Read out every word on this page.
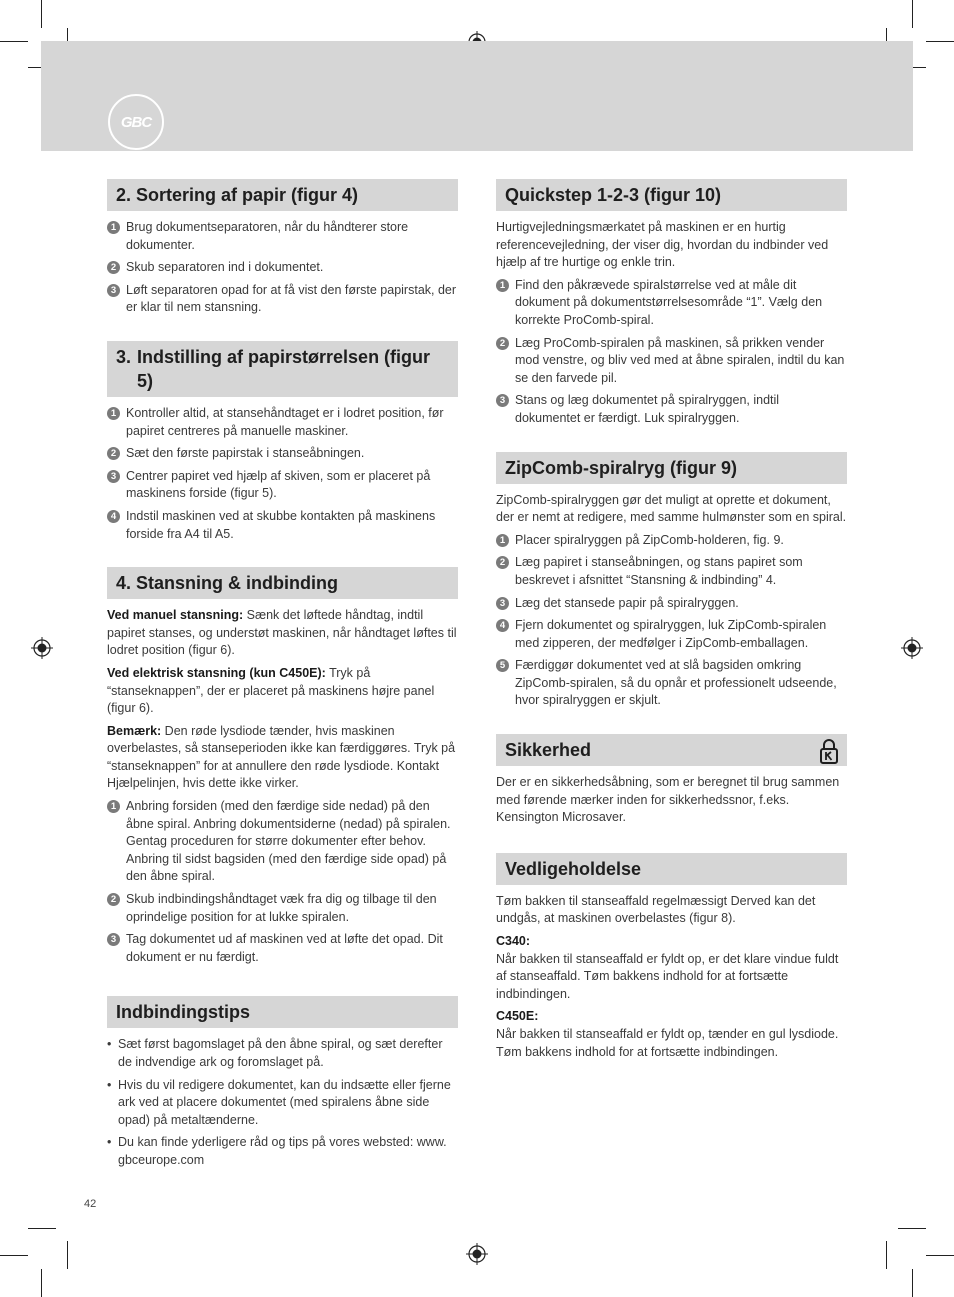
GBC
2. Sortering af papir (figur 4)
1 Brug dokumentseparatoren, når du håndterer store dokumenter.
2 Skub separatoren ind i dokumentet.
3 Løft separatoren opad for at få vist den første papirstak, der er klar til nem stansning.
3. Indstilling af papirstørrelsen (figur 5)
1 Kontroller altid, at stansehåndtaget er i lodret position, før papiret centreres på manuelle maskiner.
2 Sæt den første papirstak i stanseåbningen.
3 Centrer papiret ved hjælp af skiven, som er placeret på maskinens forside (figur 5).
4 Indstil maskinen ved at skubbe kontakten på maskinens forside fra A4 til A5.
4. Stansning & indbinding

Ved manuel stansning: Sænk det løftede håndtag, indtil papiret stanses, og understøt maskinen, når håndtaget løftes til lodret position (figur 6).

Ved elektrisk stansning (kun C450E): Tryk på “stanseknappen”, der er placeret på maskinens højre panel (figur 6).

Bemærk: Den røde lysdiode tænder, hvis maskinen overbelastes, så stanseperioden ikke kan færdiggøres. Tryk på “stanseknappen” for at annullere den røde lysdiode. Kontakt Hjælpelinjen, hvis dette ikke virker.

1 Anbring forsiden (med den færdige side nedad) på den åbne spiral. Anbring dokumentsiderne (nedad) på spiralen. Gentag proceduren for større dokumenter efter behov. Anbring til sidst bagsiden (med den færdige side opad) på den åbne spiral.
2 Skub indbindingshåndtaget væk fra dig og tilbage til den oprindelige position for at lukke spiralen.
3 Tag dokumentet ud af maskinen ved at løfte det opad. Dit dokument er nu færdigt.
Indbindingstips
• Sæt først bagomslaget på den åbne spiral, og sæt derefter de indvendige ark og foromslaget på.
• Hvis du vil redigere dokumentet, kan du indsætte eller fjerne ark ved at placere dokumentet (med spiralens åbne side opad) på metaltænderne.
• Du kan finde yderligere råd og tips på vores websted: www. gbceurope.com
Quickstep 1-2-3 (figur 10)

Hurtigvejledningsmærkatet på maskinen er en hurtig referencevejledning, der viser dig, hvordan du indbinder ved hjælp af tre hurtige og enkle trin.

1 Find den påkrævede spiralstørrelse ved at måle dit dokument på dokumentstørrelsesområde “1”. Vælg den korrekte ProComb-spiral.
2 Læg ProComb-spiralen på maskinen, så prikken vender mod venstre, og bliv ved med at åbne spiralen, indtil du kan se den farvede pil.
3 Stans og læg dokumentet på spiralryggen, indtil dokumentet er færdigt. Luk spiralryggen.
ZipComb-spiralryg (figur 9)

ZipComb-spiralryggen gør det muligt at oprette et dokument, der er nemt at redigere, med samme hulmønster som en spiral.

1 Placer spiralryggen på ZipComb-holderen, fig. 9.
2 Læg papiret i stanseåbningen, og stans papiret som beskrevet i afsnittet “Stansning & indbinding” 4.
3 Læg det stansede papir på spiralryggen.
4 Fjern dokumentet og spiralryggen, luk ZipComb-spiralen med zipperen, der medfølger i ZipComb-emballagen.
5 Færdiggør dokumentet ved at slå bagsiden omkring ZipComb-spiralen, så du opnår et professionelt udseende, hvor spiralryggen er skjult.
Sikkerhed

Der er en sikkerhedsåbning, som er beregnet til brug sammen med førende mærker inden for sikkerhedssnor, f.eks. Kensington Microsaver.

Vedligeholdelse

Tøm bakken til stanseaffald regelmæssigt Derved kan det undgås, at maskinen overbelastes (figur 8).

C340:
Når bakken til stanseaffald er fyldt op, er det klare vindue fuldt af stanseaffald. Tøm bakkens indhold for at fortsætte indbindingen.

C450E:
Når bakken til stanseaffald er fyldt op, tænder en gul lysdiode. Tøm bakkens indhold for at fortsætte indbindingen.

42
